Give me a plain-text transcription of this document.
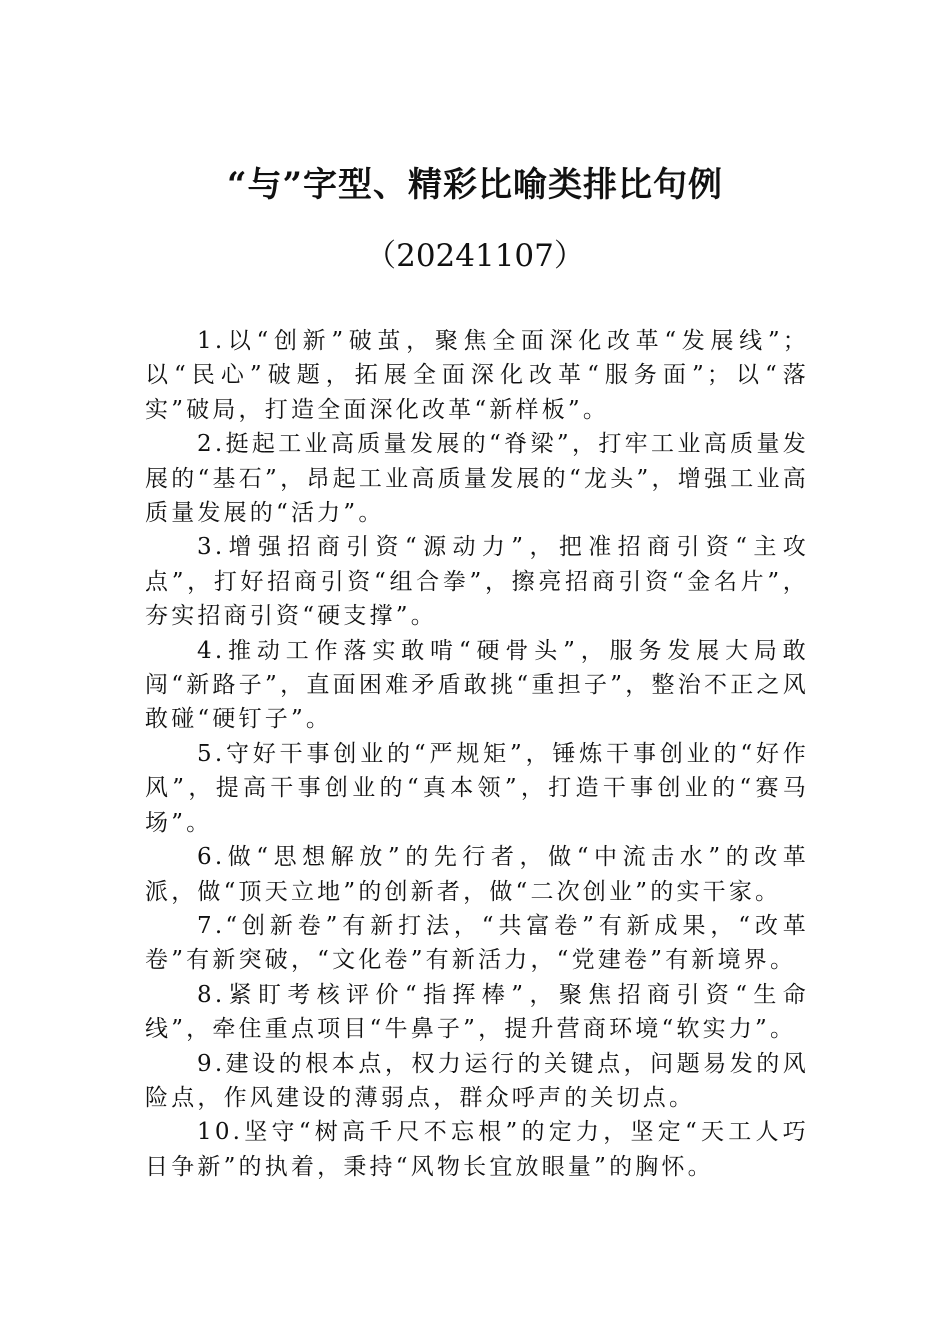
“与”字型、精彩比喻类排比句例
（20241107）

1.以“创新”破茧，聚焦全面深化改革“发展线”；以“民心”破题，拓展全面深化改革“服务面”；以“落实”破局，打造全面深化改革“新样板”。

2.挺起工业高质量发展的“脊梁”，打牢工业高质量发展的“基石”，昂起工业高质量发展的“龙头”，增强工业高质量发展的“活力”。

3.增强招商引资“源动力”，把准招商引资“主攻点”，打好招商引资“组合拳”，擦亮招商引资“金名片”，夯实招商引资“硬支撑”。

4.推动工作落实敢啃“硬骨头”，服务发展大局敢闯“新路子”，直面困难矛盾敢挑“重担子”，整治不正之风敢碰“硬钉子”。

5.守好干事创业的“严规矩”，锤炼干事创业的“好作风”，提高干事创业的“真本领”，打造干事创业的“赛马场”。

6.做“思想解放”的先行者，做“中流击水”的改革派，做“顶天立地”的创新者，做“二次创业”的实干家。

7.“创新卷”有新打法，“共富卷”有新成果，“改革卷”有新突破，“文化卷”有新活力，“党建卷”有新境界。

8.紧盯考核评价“指挥棒”，聚焦招商引资“生命线”，牵住重点项目“牛鼻子”，提升营商环境“软实力”。

9.建设的根本点，权力运行的关键点，问题易发的风险点，作风建设的薄弱点，群众呼声的关切点。

10.坚守“树高千尺不忘根”的定力，坚定“天工人巧日争新”的执着，秉持“风物长宜放眼量”的胸怀。
